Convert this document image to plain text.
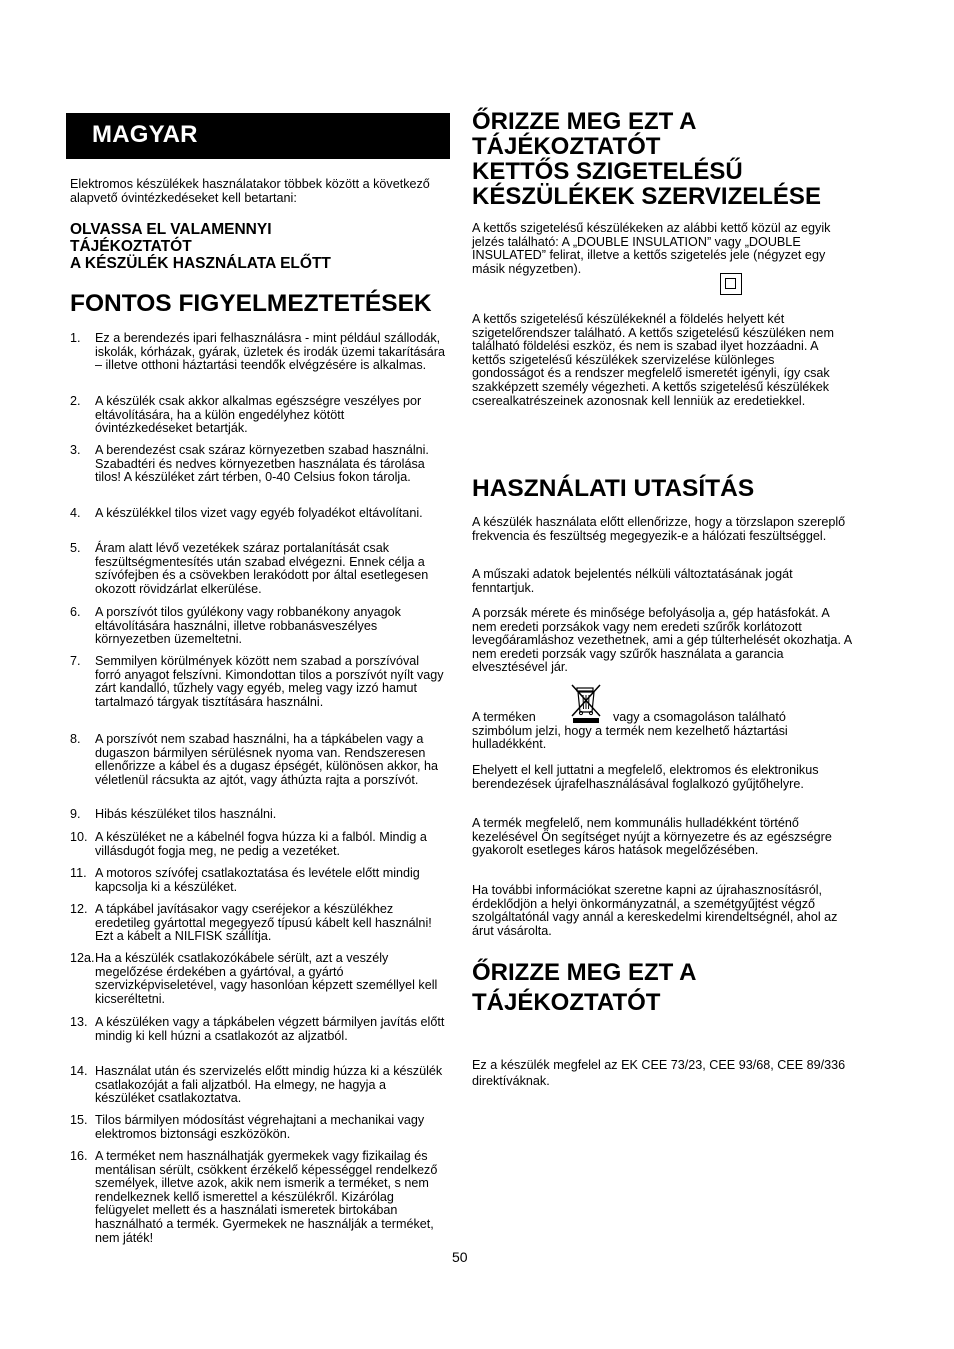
MAGYAR

Elektromos készülékek használatakor többek között a következő alapvető óvintézkedéseket kell betartani:

OLVASSA EL VALAMENNYI
TÁJÉKOZTATÓT
A KÉSZÜLÉK HASZNÁLATA ELŐTT
FONTOS FIGYELMEZTETÉSEK
1. Ez a berendezés ipari felhasználásra - mint például szállodák, iskolák, kórházak, gyárak, üzletek és irodák üzemi takarítására – illetve otthoni háztartási teendők elvégzésére is alkalmas.
2. A készülék csak akkor alkalmas egészségre veszélyes por eltávolítására, ha a külön engedélyhez kötött óvintézkedéseket betartják.
3. A berendezést csak száraz környezetben szabad használni. Szabadtéri és nedves környezetben használata és tárolása tilos! A készüléket zárt térben, 0-40 Celsius fokon tárolja.
4. A készülékkel tilos vizet vagy egyéb folyadékot eltávolítani.
5. Áram alatt lévő vezetékek száraz portalanítását csak feszültségmentesítés után szabad elvégezni. Ennek célja a szívófejben és a csövekben lerakódott por által esetlegesen okozott rövidzárlat elkerülése.
6. A porszívót tilos gyúlékony vagy robbanékony anyagok eltávolítására használni, illetve robbanásveszélyes környezetben üzemeltetni.
7. Semmilyen körülmények között nem szabad a porszívóval forró anyagot felszívni. Kimondottan tilos a porszívót nyílt vagy zárt kandalló, tűzhely vagy egyéb, meleg vagy izzó hamut tartalmazó tárgyak tisztítására használni.
8. A porszívót nem szabad használni, ha a tápkábelen vagy a dugaszon bármilyen sérülésnek nyoma van. Rendszeresen ellenőrizze a kábel és a dugasz épségét, különösen akkor, ha véletlenül rácsukta az ajtót, vagy áthúzta rajta a porszívót.
9. Hibás készüléket tilos használni.
10. A készüléket ne a kábelnél fogva húzza ki a falból. Mindig a villásdugót fogja meg, ne pedig a vezetéket.
11. A motoros szívófej csatlakoztatása és levétele előtt mindig kapcsolja ki a készüléket.
12. A tápkábel javításakor vagy cseréjekor a készülékhez eredetileg gyártottal megegyező típusú kábelt kell használni! Ezt a kábelt a NILFISK szállítja.
12a. Ha a készülék csatlakozókábele sérült, azt a veszély megelőzése érdekében a gyártóval, a gyártó szervizképviseletével, vagy hasonlóan képzett személlyel kell kicseréltetni.
13. A készüléken vagy a tápkábelen végzett bármilyen javítás előtt mindig ki kell húzni a csatlakozót az aljzatból.
14. Használat után és szervizelés előtt mindig húzza ki a készülék csatlakozóját a fali aljzatból. Ha elmegy, ne hagyja a készüléket csatlakoztatva.
15. Tilos bármilyen módosítást végrehajtani a mechanikai vagy elektromos biztonsági eszközökön.
16. A terméket nem használhatják gyermekek vagy fizikailag és mentálisan sérült, csökkent érzékelő képességgel rendelkező személyek, illetve azok, akik nem ismerik a terméket, s nem rendelkeznek kellő ismerettel a készülékről. Kizárólag felügyelet mellett és a használati ismeretek birtokában használható a termék. Gyermekek ne használják a terméket, nem játék!
ŐRIZZE MEG EZT A
TÁJÉKOZTATÓT
KETTŐS SZIGETELÉSŰ
KÉSZÜLÉKEK SZERVIZELÉSE

A kettős szigetelésű készülékeken az alábbi kettő közül az egyik jelzés található: A „DOUBLE INSULATION” vagy „DOUBLE INSULATED” felirat, illetve a kettős szigetelés jele (négyzet egy másik négyzetben).

A kettős szigetelésű készülékeknél a földelés helyett két szigetelőrendszer található. A kettős szigetelésű készüléken nem található földelési eszköz, és nem is szabad ilyet hozzáadni. A kettős szigetelésű készülékek szervizelése különleges gondosságot és a rendszer megfelelő ismeretét igényli, így csak szakképzett személy végezheti. A kettős szigetelésű készülékek cserealkatrészeinek azonosnak kell lenniük az eredetiekkel.

HASZNÁLATI UTASÍTÁS

A készülék használata előtt ellenőrizze, hogy a törzslapon szereplő frekvencia és feszültség megegyezik-e a hálózati feszültséggel.

A műszaki adatok bejelentés nélküli változtatásának jogát fenntartjuk.

A porzsák mérete és minősége befolyásolja a, gép hatásfokát. A nem eredeti porzsákok vagy nem eredeti szűrők korlátozott levegőáramláshoz vezethetnek, ami a gép túlterhelését okozhatja. A nem eredeti porzsák vagy szűrők használata a garancia elvesztésével jár.

A terméken	vagy a csomagoláson található
szimbólum jelzi, hogy a termék nem kezelhető háztartási hulladékként.

Ehelyett el kell juttatni a megfelelő, elektromos és elektronikus berendezések újrafelhasználásával foglalkozó gyűjtőhelyre.

A termék megfelelő, nem kommunális hulladékként történő kezelésével Ön segítséget nyújt a környezetre és az egészségre gyakorolt esetleges káros hatások megelőzésében.

Ha további információkat szeretne kapni az újrahasznosításról, érdeklődjön a helyi önkormányzatnál, a szemétgyűjtést végző szolgáltatónál vagy annál a kereskedelmi kirendeltségnél, ahol az árut vásárolta.

ŐRIZZE MEG EZT A
TÁJÉKOZTATÓT

Ez a készülék megfelel az EK CEE 73/23, CEE 93/68, CEE 89/336 direktíváknak.

50
